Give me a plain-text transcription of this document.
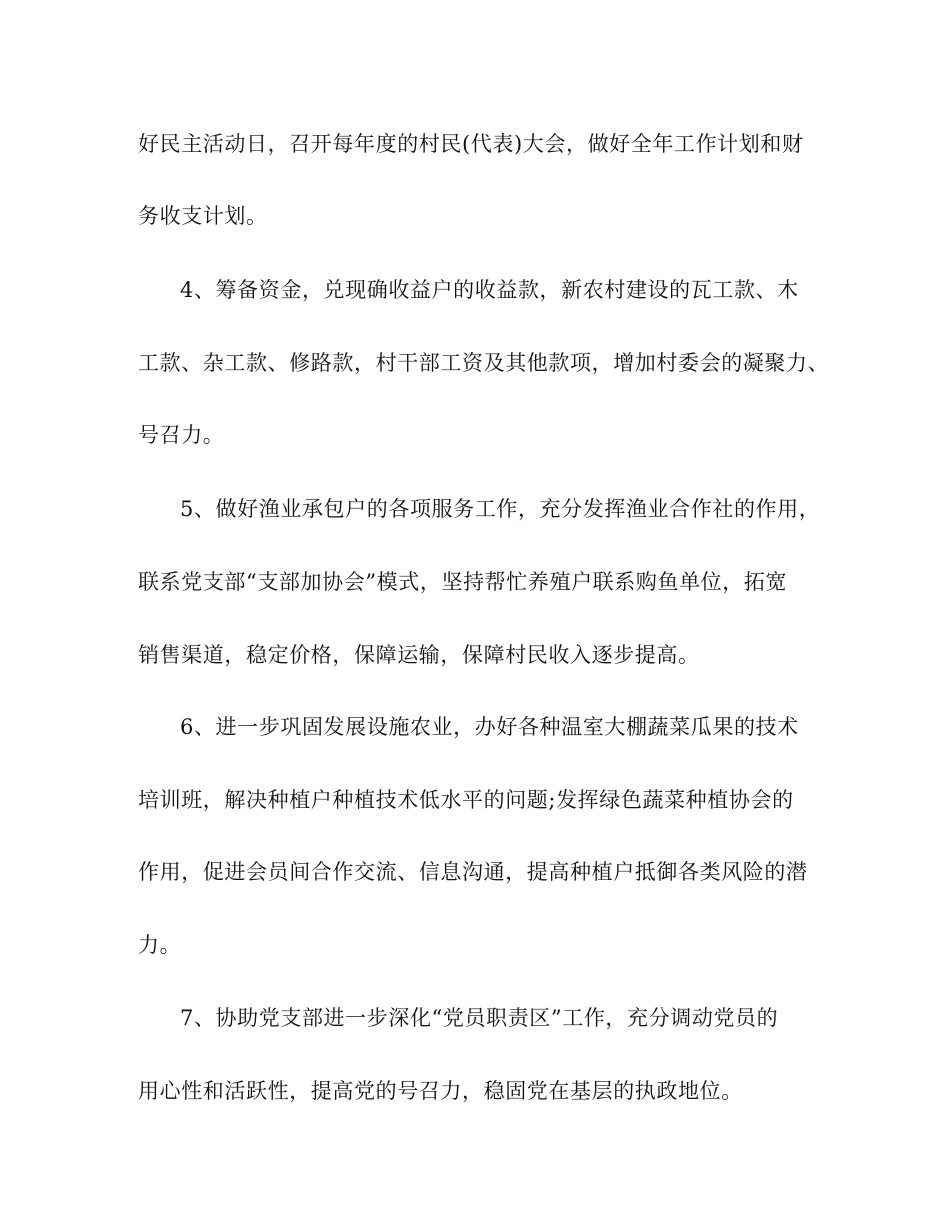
好民主活动日，召开每年度的村民(代表)大会，做好全年工作计划和财
务收支计划。
4、筹备资金，兑现确收益户的收益款，新农村建设的瓦工款、木
工款、杂工款、修路款，村干部工资及其他款项，增加村委会的凝聚力、
号召力。
5、做好渔业承包户的各项服务工作，充分发挥渔业合作社的作用，
联系党支部“支部加协会”模式，坚持帮忙养殖户联系购鱼单位，拓宽
销售渠道，稳定价格，保障运输，保障村民收入逐步提高。
6、进一步巩固发展设施农业，办好各种温室大棚蔬菜瓜果的技术
培训班，解决种植户种植技术低水平的问题;发挥绿色蔬菜种植协会的
作用，促进会员间合作交流、信息沟通，提高种植户抵御各类风险的潜
力。
7、协助党支部进一步深化“党员职责区”工作，充分调动党员的
用心性和活跃性，提高党的号召力，稳固党在基层的执政地位。
